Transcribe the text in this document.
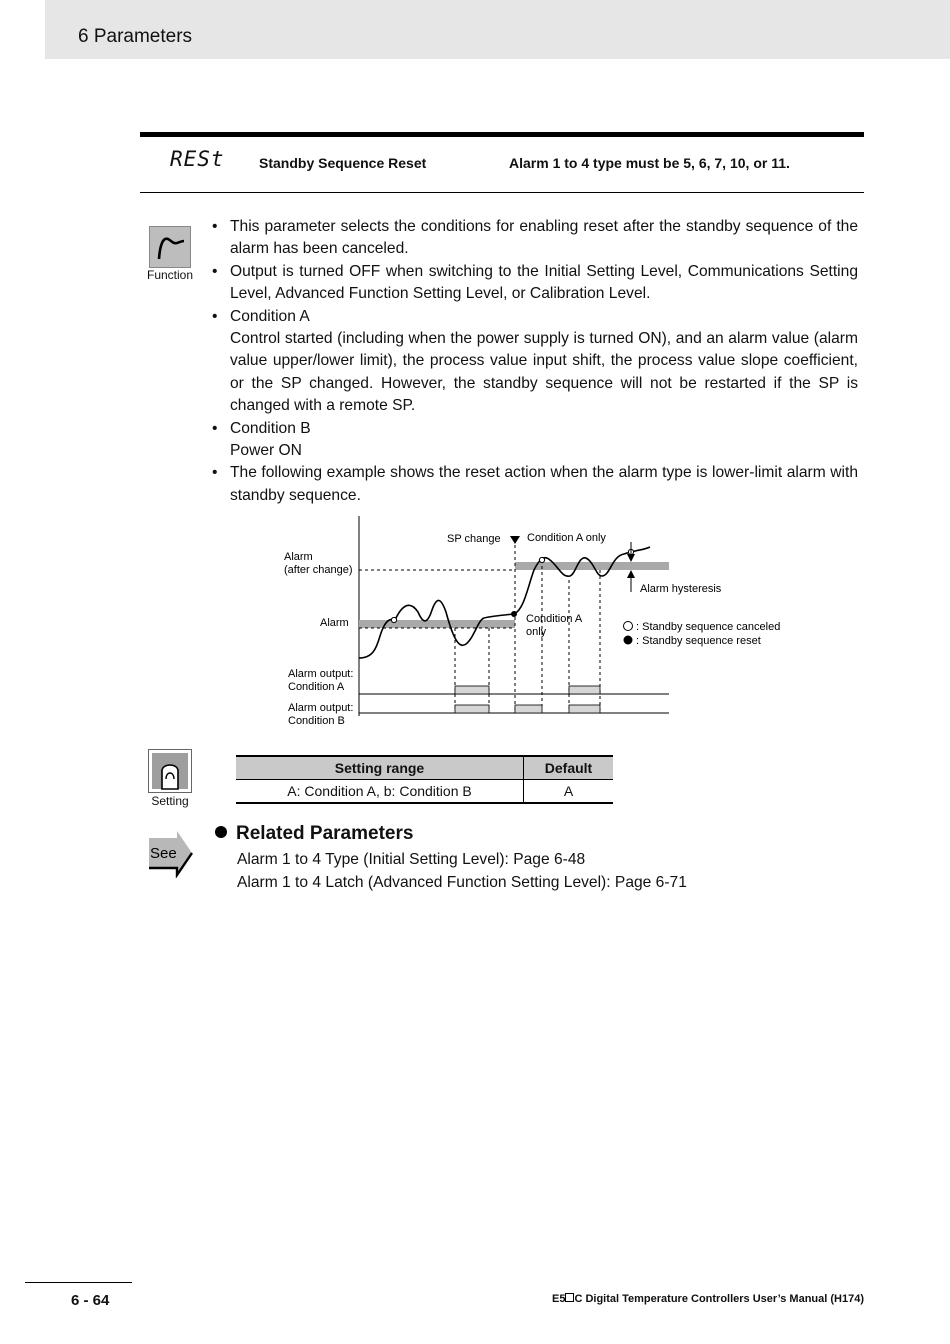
6 Parameters
RESt Standby Sequence Reset	Alarm 1 to 4 type must be 5, 6, 7, 10, or 11.
Function
• This parameter selects the conditions for enabling reset after the standby sequence of the alarm has been canceled.
• Output is turned OFF when switching to the Initial Setting Level, Communications Setting Level, Advanced Function Setting Level, or Calibration Level.
• Condition A
Control started (including when the power supply is turned ON), and an alarm value (alarm value upper/lower limit), the process value input shift, the process value slope coefficient, or the SP changed. However, the standby sequence will not be restarted if the SP is changed with a remote SP.
• Condition B
Power ON
• The following example shows the reset action when the alarm type is lower-limit alarm with standby sequence.
Alarm
(after change)
Alarm
SP change Condition A only
Condition A
only
Alarm hysteresis
: Standby sequence canceled
: Standby sequence reset
Alarm output:
Condition A
Alarm output:
Condition B
Setting
Setting range	Default
A: Condition A, b: Condition B	A
See
Related Parameters
Alarm 1 to 4 Type (Initial Setting Level): Page 6-48
Alarm 1 to 4 Latch (Advanced Function Setting Level): Page 6-71
6 - 64	E5 C Digital Temperature Controllers User’s Manual (H174)
